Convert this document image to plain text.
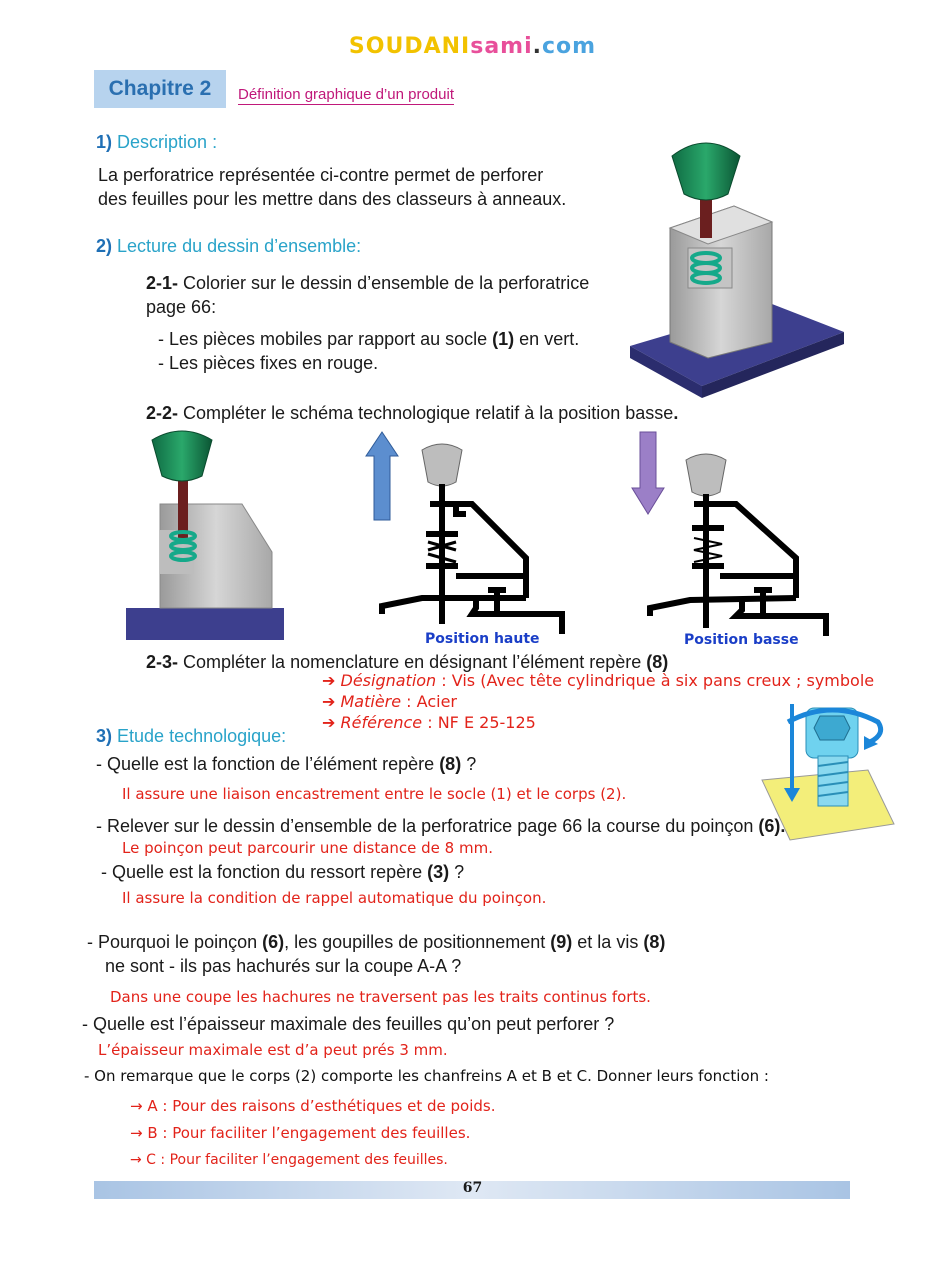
SOUDANIsami.com
Chapitre 2	Définition graphique d’un produit
1) Description :
La perforatrice représentée ci-contre permet de perforer
des feuilles pour les mettre dans des classeurs à anneaux.
2) Lecture du dessin d’ensemble:
2-1- Colorier sur le dessin d’ensemble de la perforatrice
page 66:
- Les pièces mobiles par rapport au socle (1) en vert.
- Les pièces fixes en rouge.
2-2- Compléter le schéma technologique relatif à la position basse.
Position haute	Position basse
2-3- Compléter la nomenclature en désignant l’élément repère (8)
➔ Désignation : Vis (Avec tête cylindrique à six pans creux ; symbole
➔ Matière : Acier
➔ Référence : NF E 25-125
3) Etude technologique:
- Quelle est la fonction de l’élément repère (8) ?
Il assure une liaison encastrement entre le socle (1) et le corps (2).
- Relever sur le dessin d’ensemble de la perforatrice page 66 la course du poinçon (6).
Le poinçon peut parcourir une distance de 8 mm.
- Quelle est la fonction du ressort repère (3) ?
Il assure la condition de rappel automatique du poinçon.
- Pourquoi le poinçon (6), les goupilles de positionnement (9) et la vis (8)
ne sont - ils pas hachurés sur la coupe A-A ?
Dans une coupe les hachures ne traversent pas les traits continus forts.
- Quelle est l’épaisseur maximale des feuilles qu’on peut perforer ?
L’épaisseur maximale est d’a peut prés 3 mm.
- On remarque que le corps (2) comporte les chanfreins A et B et C. Donner leurs fonction :
→ A : Pour des raisons d’esthétiques et de poids.
→ B : Pour faciliter l’engagement des feuilles.
→ C : Pour faciliter l’engagement des feuilles.
67
